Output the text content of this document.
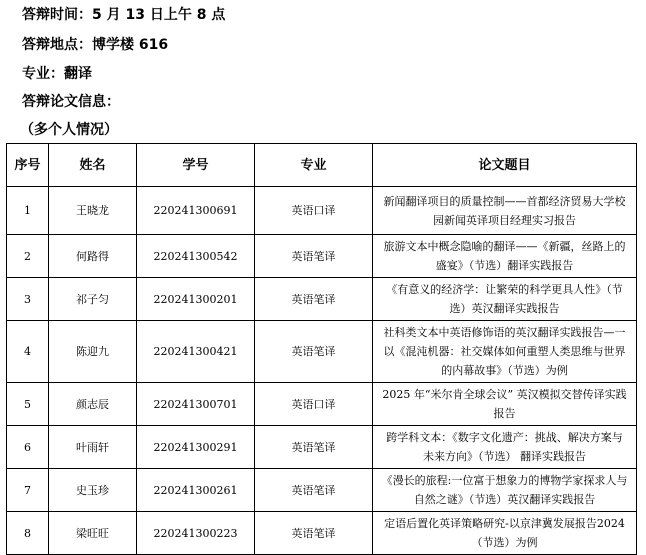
答辩时间：5 月 13 日上午 8 点
答辩地点：博学楼 616
专业：翻译
答辩论文信息：
（多个人情况）
序号	姓名	学号	专业	论文题目
1	王晓龙	220241300691	英语口译	新闻翻译项目的质量控制——首都经济贸易大学校园新闻英译项目经理实习报告
2	何路得	220241300542	英语笔译	旅游文本中概念隐喻的翻译——《新疆，丝路上的盛宴》（节选）翻译实践报告
3	祁子匀	220241300201	英语笔译	《有意义的经济学：让繁荣的科学更具人性》（节选）英汉翻译实践报告
4	陈迎九	220241300421	英语笔译	社科类文本中英语修饰语的英汉翻译实践报告—一以《混沌机器：社交媒体如何重塑人类思维与世界的内幕故事》（节选）为例
5	颜志辰	220241300701	英语口译	2025 年“米尔肯全球会议” 英汉模拟交替传译实践报告
6	叶雨轩	220241300291	英语笔译	跨学科文本：《数字文化遗产：挑战、解决方案与未来方向》（节选） 翻译实践报告
7	史玉珍	220241300261	英语笔译	《漫长的旅程:一位富于想象力的博物学家探求人与自然之谜》（节选）英汉翻译实践报告
8	梁旺旺	220241300223	英语笔译	定语后置化英译策略研究-以京津冀发展报告2024（节选）为例
